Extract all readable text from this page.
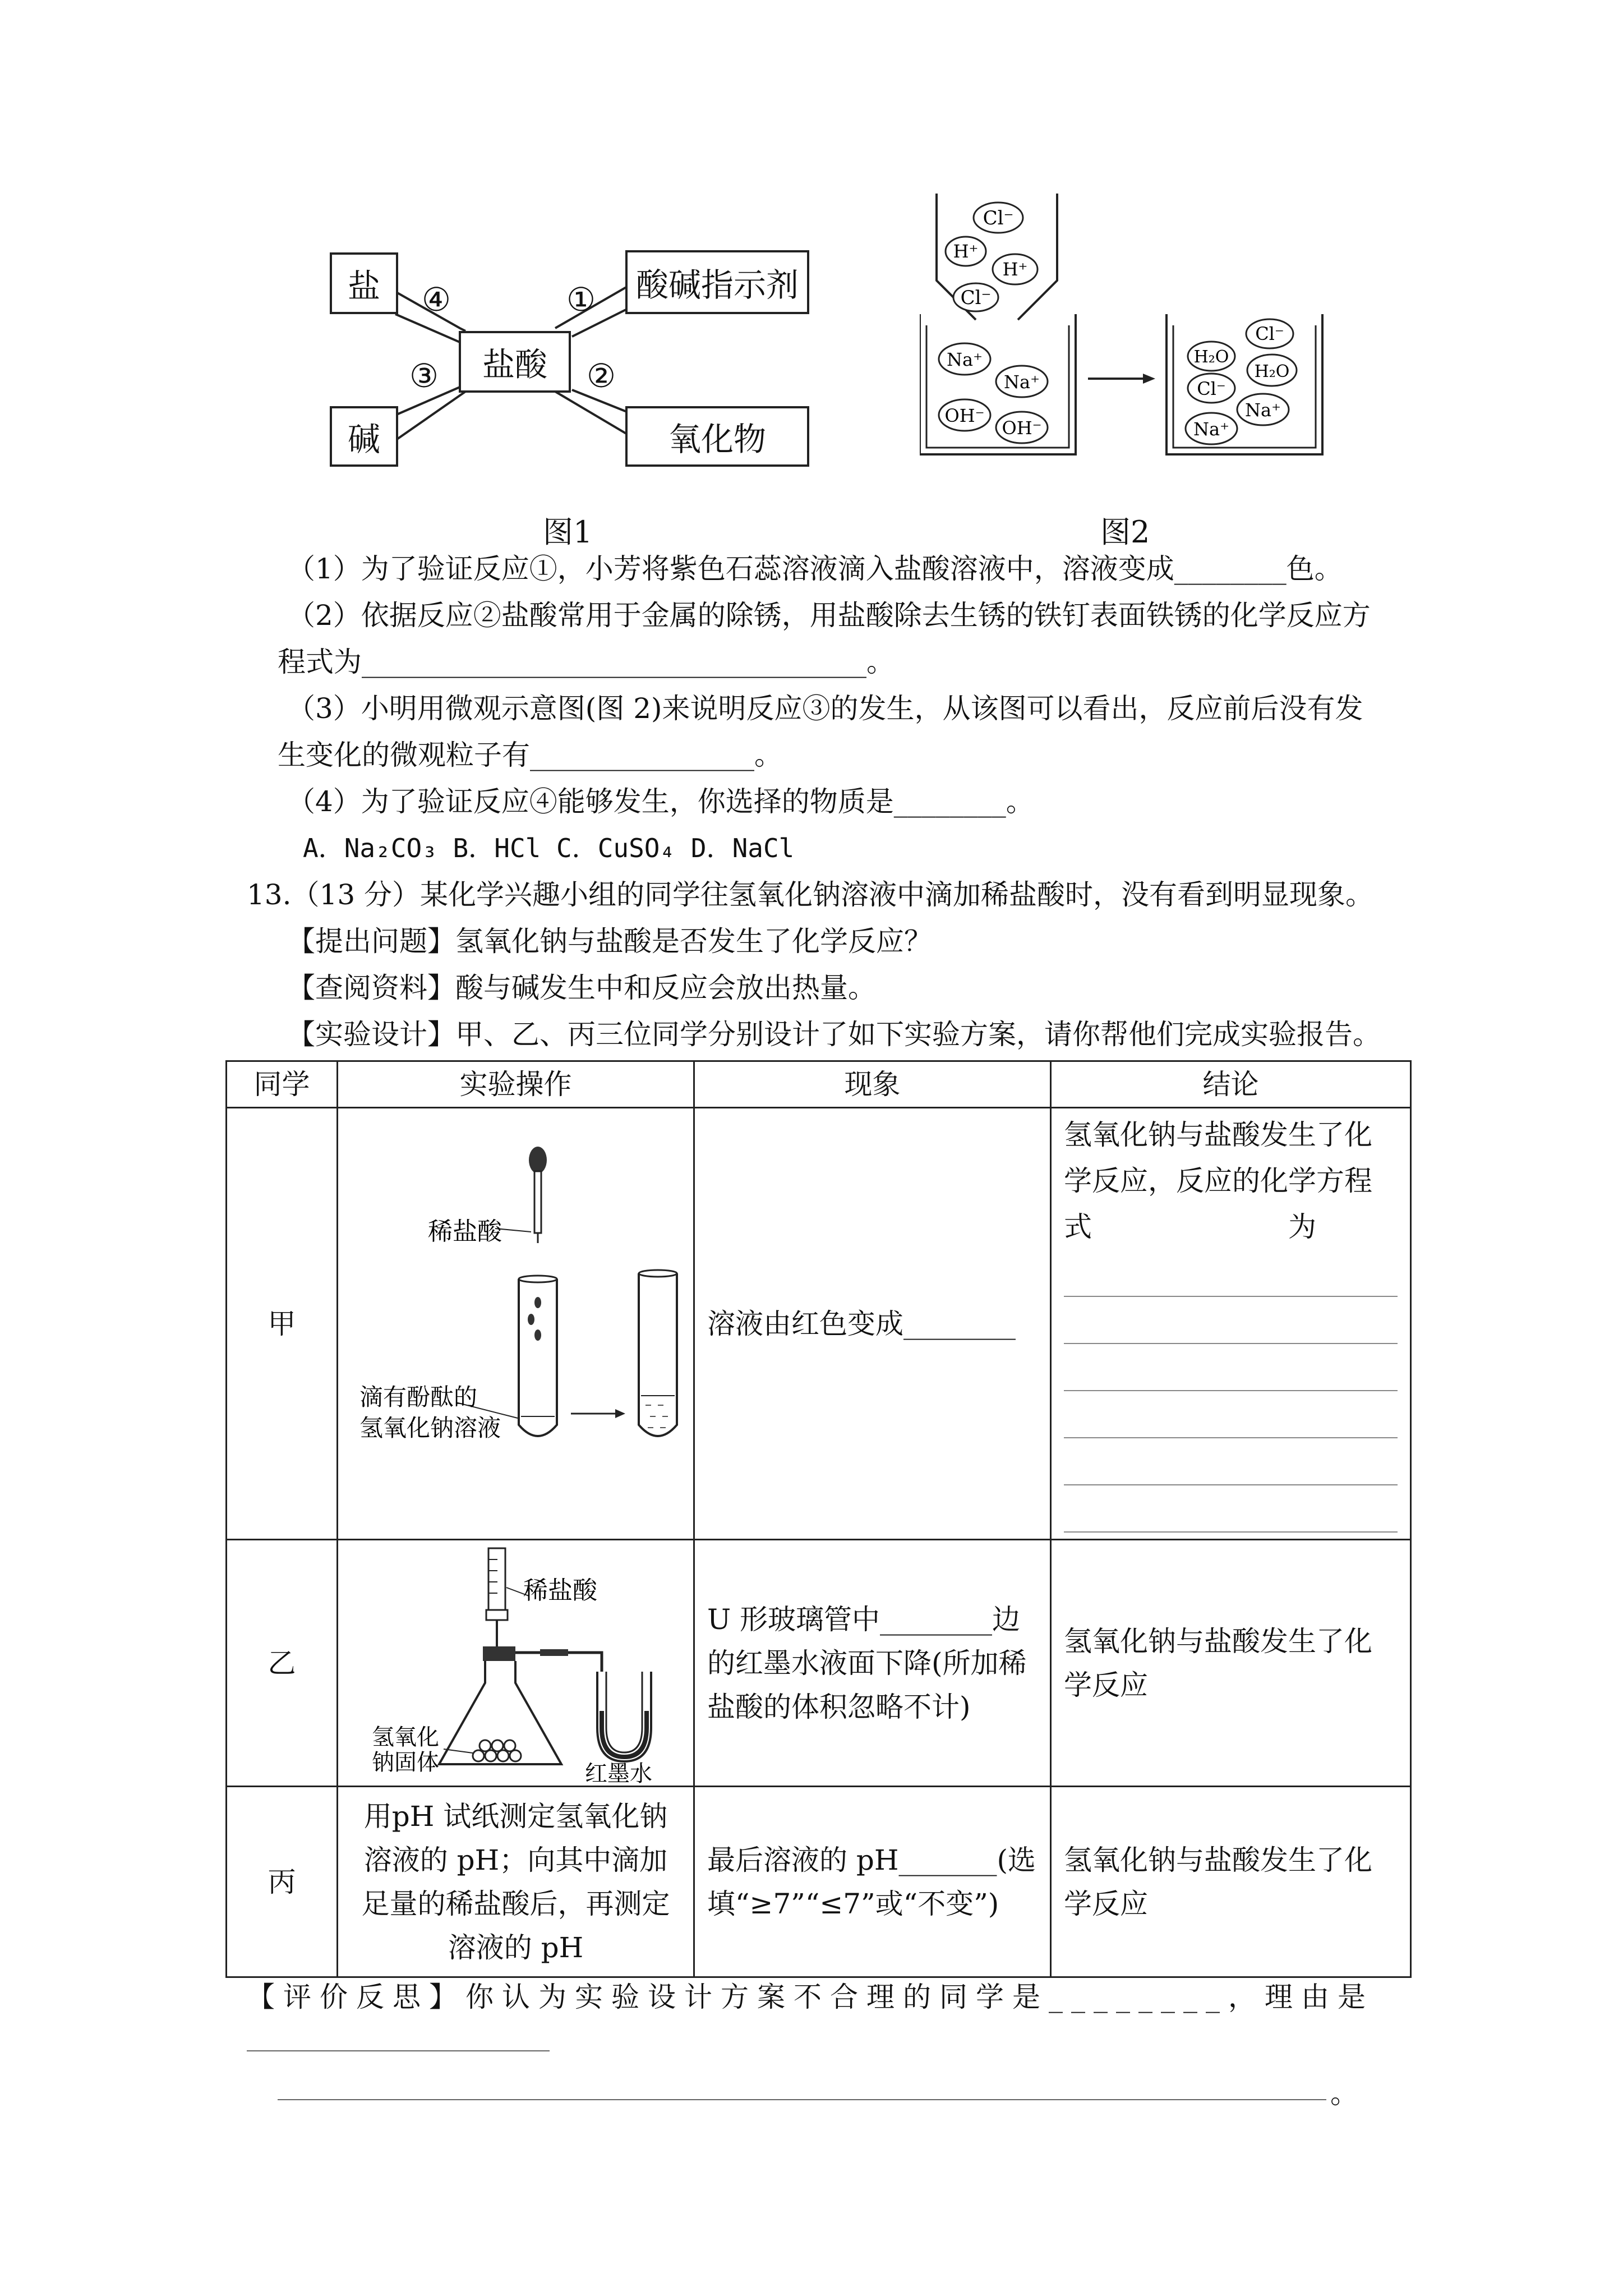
盐	酸碱指示剂
盐酸
碱	氧化物
④	①
③	②
图1
Cl⁻
H⁺
H⁺
Cl⁻
Na⁺
Na⁺
OH⁻
OH⁻
Cl⁻
H₂O
H₂O
Cl⁻
Na⁺
Na⁺
图2
（1）为了验证反应①，小芳将紫色石蕊溶液滴入盐酸溶液中，溶液变成________色。
（2）依据反应②盐酸常用于金属的除锈，用盐酸除去生锈的铁钉表面铁锈的化学反应方
程式为____________________________________。
（3）小明用微观示意图(图 2)来说明反应③的发生，从该图可以看出，反应前后没有发
生变化的微观粒子有________________。
（4）为了验证反应④能够发生，你选择的物质是________。
A．Na₂CO₃ B．HCl C．CuSO₄ D．NaCl
13.（13 分）某化学兴趣小组的同学往氢氧化钠溶液中滴加稀盐酸时，没有看到明显现象。
【提出问题】氢氧化钠与盐酸是否发生了化学反应？
【查阅资料】酸与碱发生中和反应会放出热量。
【实验设计】甲、乙、丙三位同学分别设计了如下实验方案，请你帮他们完成实验报告。
同学	实验操作	现象	结论
甲	稀盐酸
滴有酚酞的
氢氧化钠溶液	溶液由红色变成________	氢氧化钠与盐酸发生了化学反应，反应的化学方程式　　　　　　　为

乙	稀盐酸
氢氧化
钠固体 红墨水	U 形玻璃管中________边的红墨水液面下降(所加稀盐酸的体积忽略不计)	氢氧化钠与盐酸发生了化学反应
丙	用pH 试纸测定氢氧化钠溶液的 pH；向其中滴加足量的稀盐酸后，再测定溶液的 pH	最后溶液的 pH_______(选填“≥7”“≤7”或“不变”)	氢氧化钠与盐酸发生了化学反应
【评价反思】你认为实验设计方案不合理的同学是________，理由是
。
